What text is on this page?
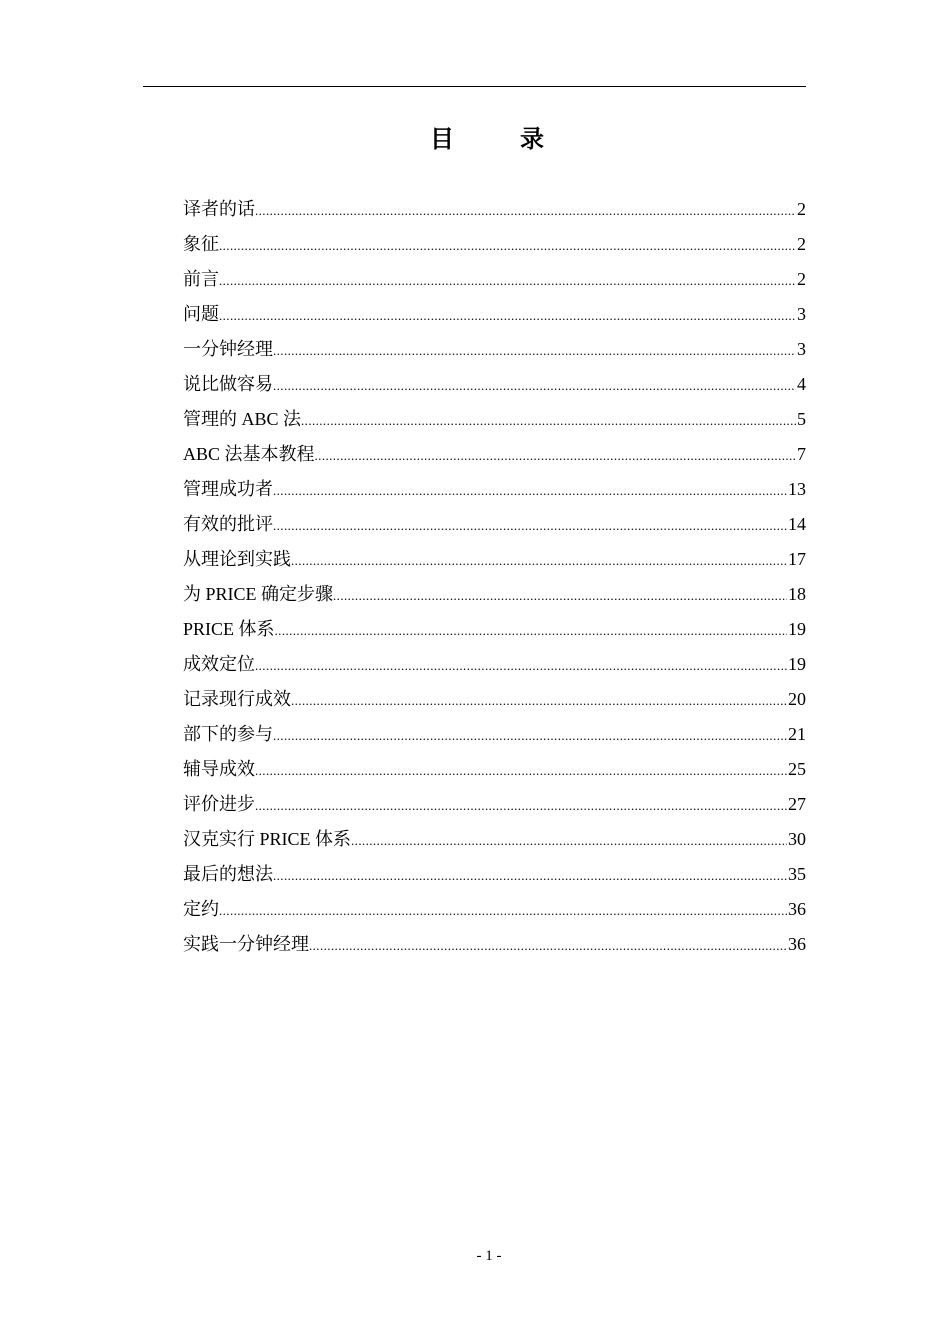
目 录
译者的话 .....	2
象征 .....	2
前言 .....	2
问题 .....	3
一分钟经理 .....	3
说比做容易 .....	4
管理的 ABC 法 .....	5
ABC 法基本教程 .....	7
管理成功者 .....	13
有效的批评 .....	14
从理论到实践 .....	17
为 PRICE 确定步骤 .....	18
PRICE 体系 .....	19
成效定位 .....	19
记录现行成效 .....	20
部下的参与 .....	21
辅导成效 .....	25
评价进步 .....	27
汉克实行 PRICE 体系 .....	30
最后的想法 .....	35
定约 .....	36
实践一分钟经理 .....	36
- 1 -
